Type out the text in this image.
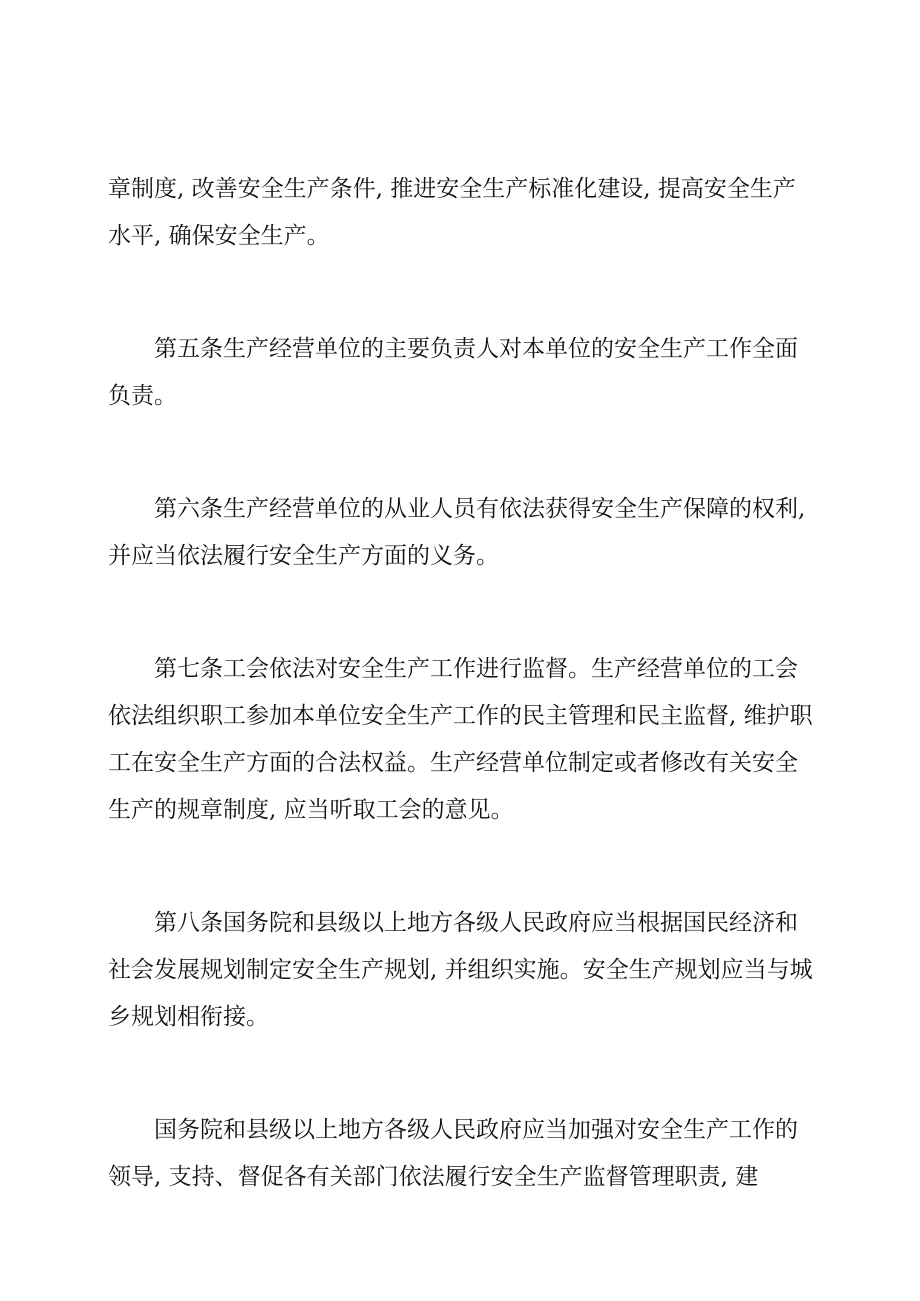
章制度, 改善安全生产条件, 推进安全生产标准化建设, 提高安全生产水平, 确保安全生产。

第五条生产经营单位的主要负责人对本单位的安全生产工作全面负责。

第六条生产经营单位的从业人员有依法获得安全生产保障的权利, 并应当依法履行安全生产方面的义务。

第七条工会依法对安全生产工作进行监督。生产经营单位的工会依法组织职工参加本单位安全生产工作的民主管理和民主监督, 维护职工在安全生产方面的合法权益。生产经营单位制定或者修改有关安全生产的规章制度, 应当听取工会的意见。

第八条国务院和县级以上地方各级人民政府应当根据国民经济和社会发展规划制定安全生产规划, 并组织实施。安全生产规划应当与城乡规划相衔接。

国务院和县级以上地方各级人民政府应当加强对安全生产工作的领导, 支持、督促各有关部门依法履行安全生产监督管理职责, 建
